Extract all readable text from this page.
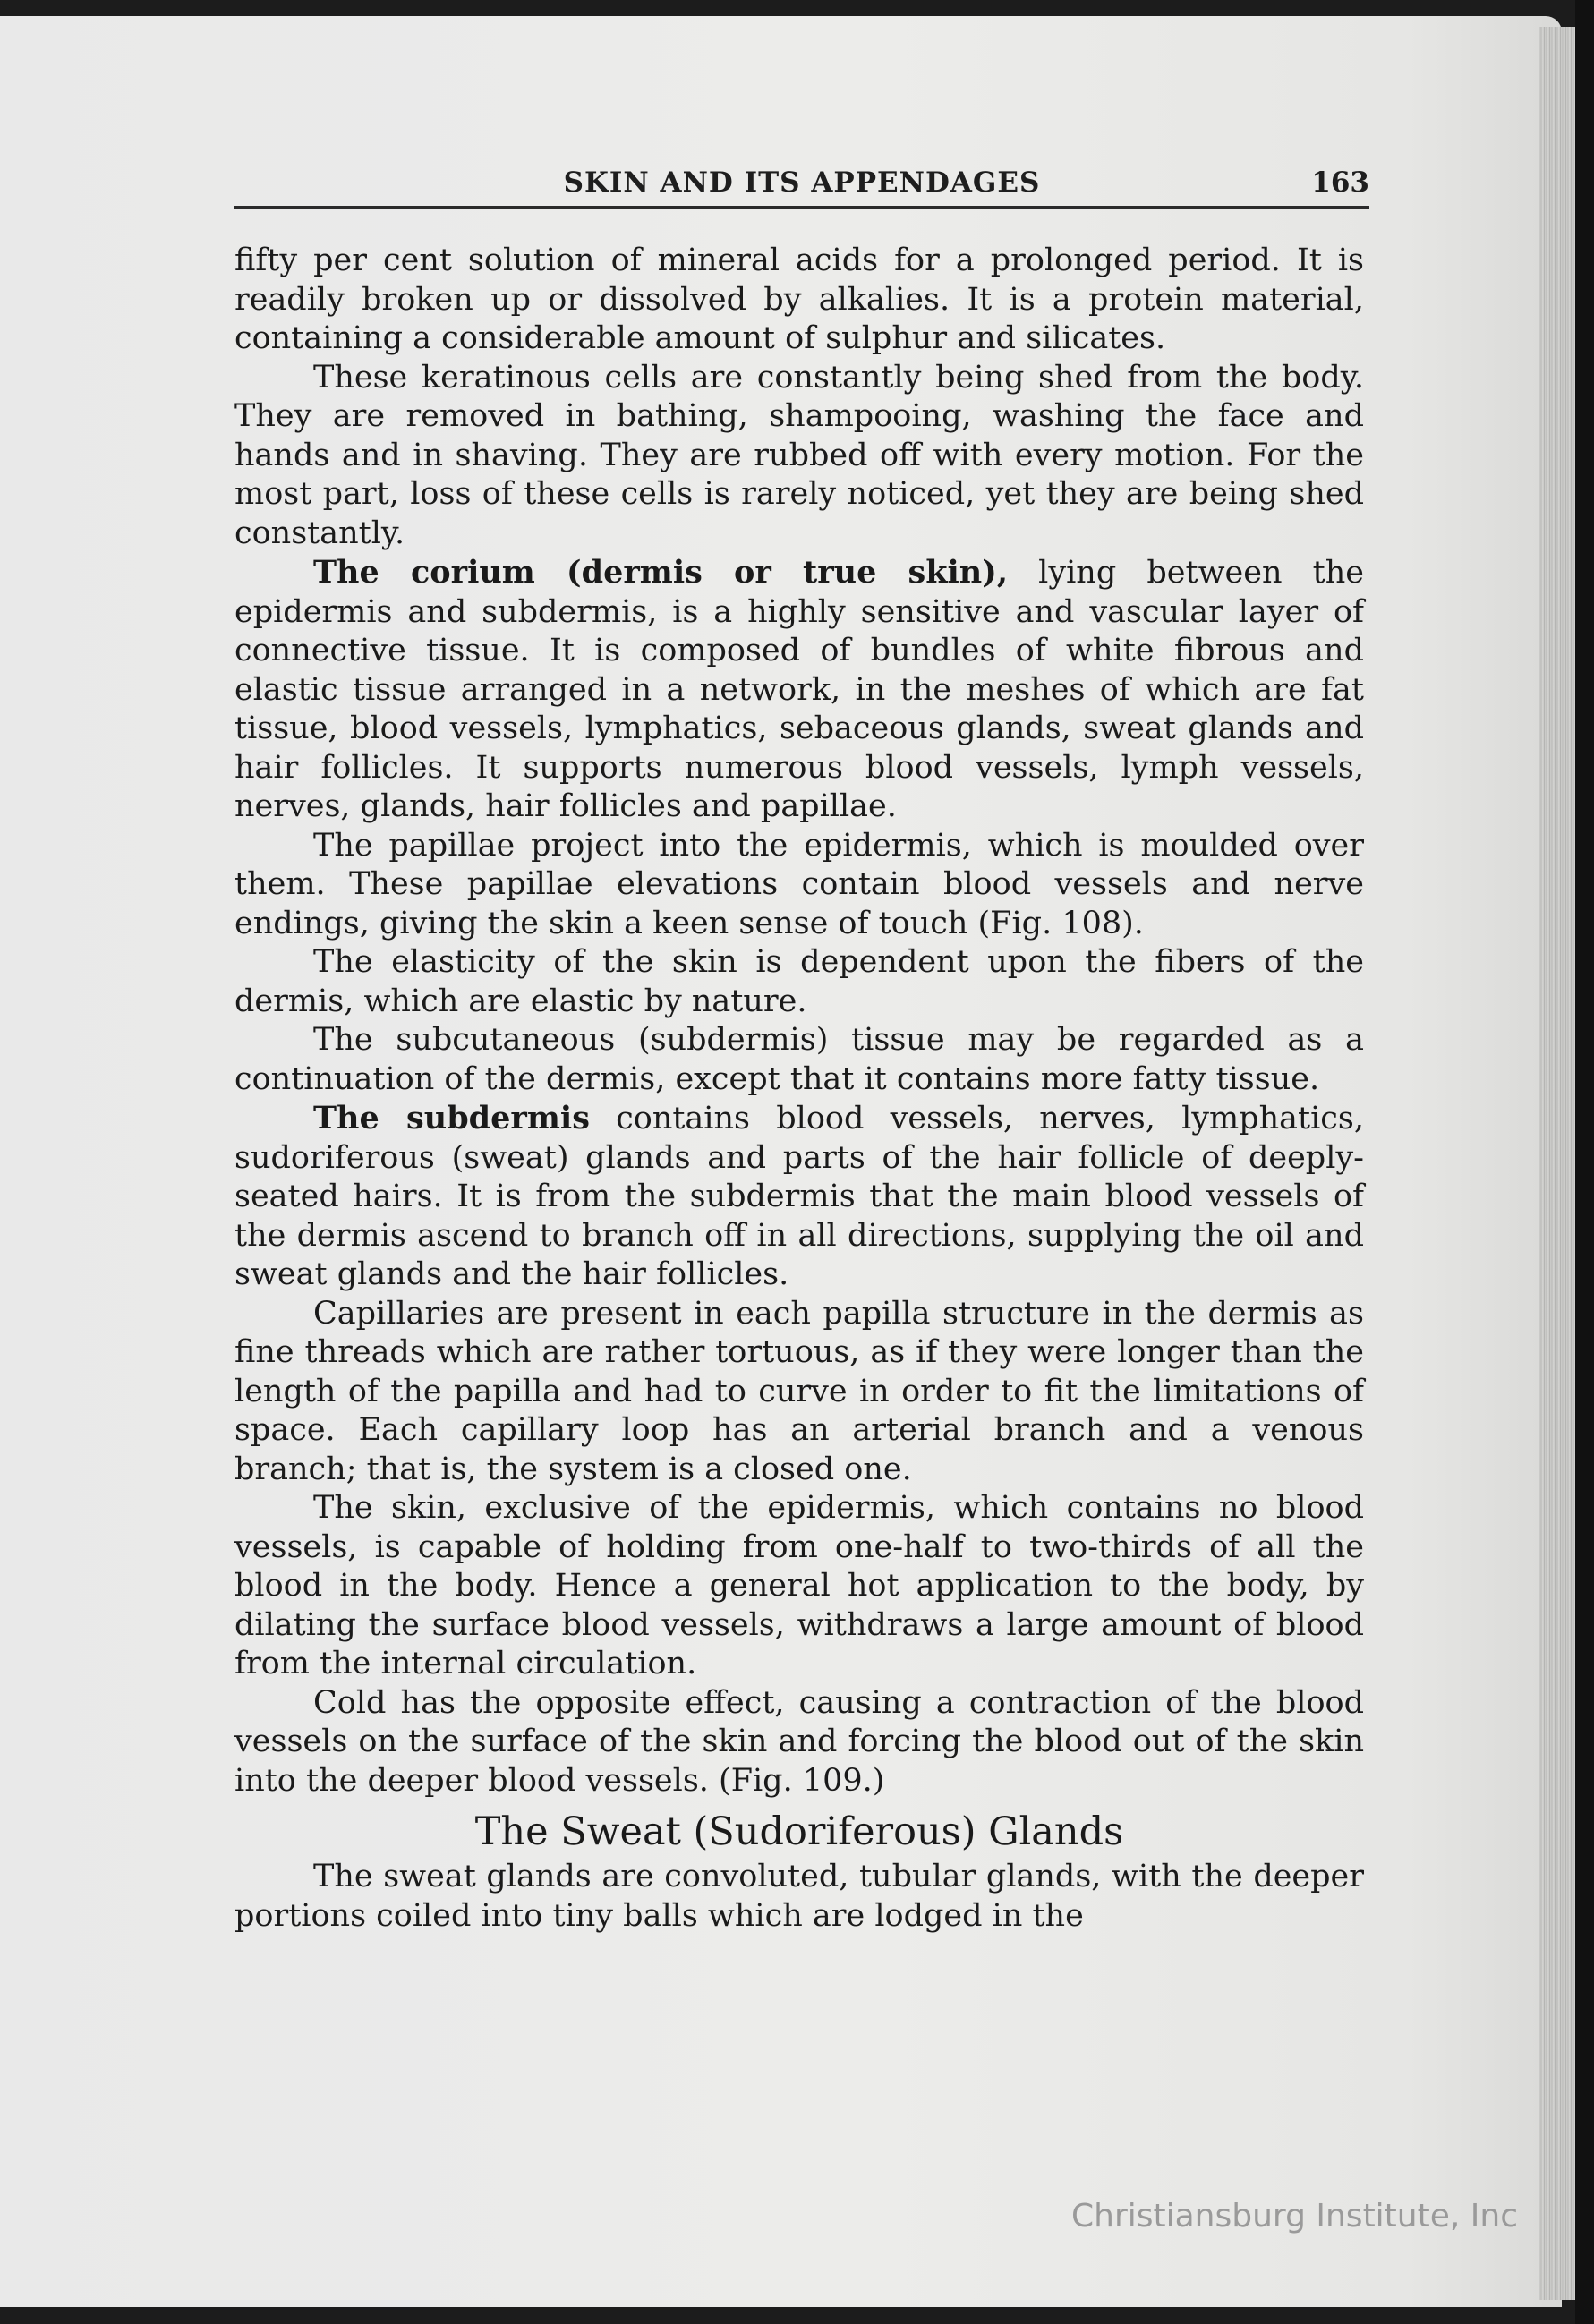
SKIN AND ITS APPENDAGES	163

fifty per cent solution of mineral acids for a prolonged period. It is readily broken up or dissolved by alkalies. It is a protein material, containing a considerable amount of sulphur and silicates.

These keratinous cells are constantly being shed from the body. They are removed in bathing, shampooing, washing the face and hands and in shaving. They are rubbed off with every motion. For the most part, loss of these cells is rarely noticed, yet they are being shed constantly.

The corium (dermis or true skin), lying between the epidermis and subdermis, is a highly sensitive and vascular layer of connective tissue. It is composed of bundles of white fibrous and elastic tissue arranged in a network, in the meshes of which are fat tissue, blood vessels, lymphatics, sebaceous glands, sweat glands and hair follicles. It supports numerous blood vessels, lymph vessels, nerves, glands, hair follicles and papillae.

The papillae project into the epidermis, which is moulded over them. These papillae elevations contain blood vessels and nerve endings, giving the skin a keen sense of touch (Fig. 108).

The elasticity of the skin is dependent upon the fibers of the dermis, which are elastic by nature.

The subcutaneous (subdermis) tissue may be regarded as a continuation of the dermis, except that it contains more fatty tissue.

The subdermis contains blood vessels, nerves, lymphatics, sudoriferous (sweat) glands and parts of the hair follicle of deeply-seated hairs. It is from the subdermis that the main blood vessels of the dermis ascend to branch off in all directions, supplying the oil and sweat glands and the hair follicles.

Capillaries are present in each papilla structure in the dermis as fine threads which are rather tortuous, as if they were longer than the length of the papilla and had to curve in order to fit the limitations of space. Each capillary loop has an arterial branch and a venous branch; that is, the system is a closed one.

The skin, exclusive of the epidermis, which contains no blood vessels, is capable of holding from one-half to two-thirds of all the blood in the body. Hence a general hot application to the body, by dilating the surface blood vessels, withdraws a large amount of blood from the internal circulation.

Cold has the opposite effect, causing a contraction of the blood vessels on the surface of the skin and forcing the blood out of the skin into the deeper blood vessels. (Fig. 109.)

The Sweat (Sudoriferous) Glands

The sweat glands are convoluted, tubular glands, with the deeper portions coiled into tiny balls which are lodged in the

Christiansburg Institute, Inc
